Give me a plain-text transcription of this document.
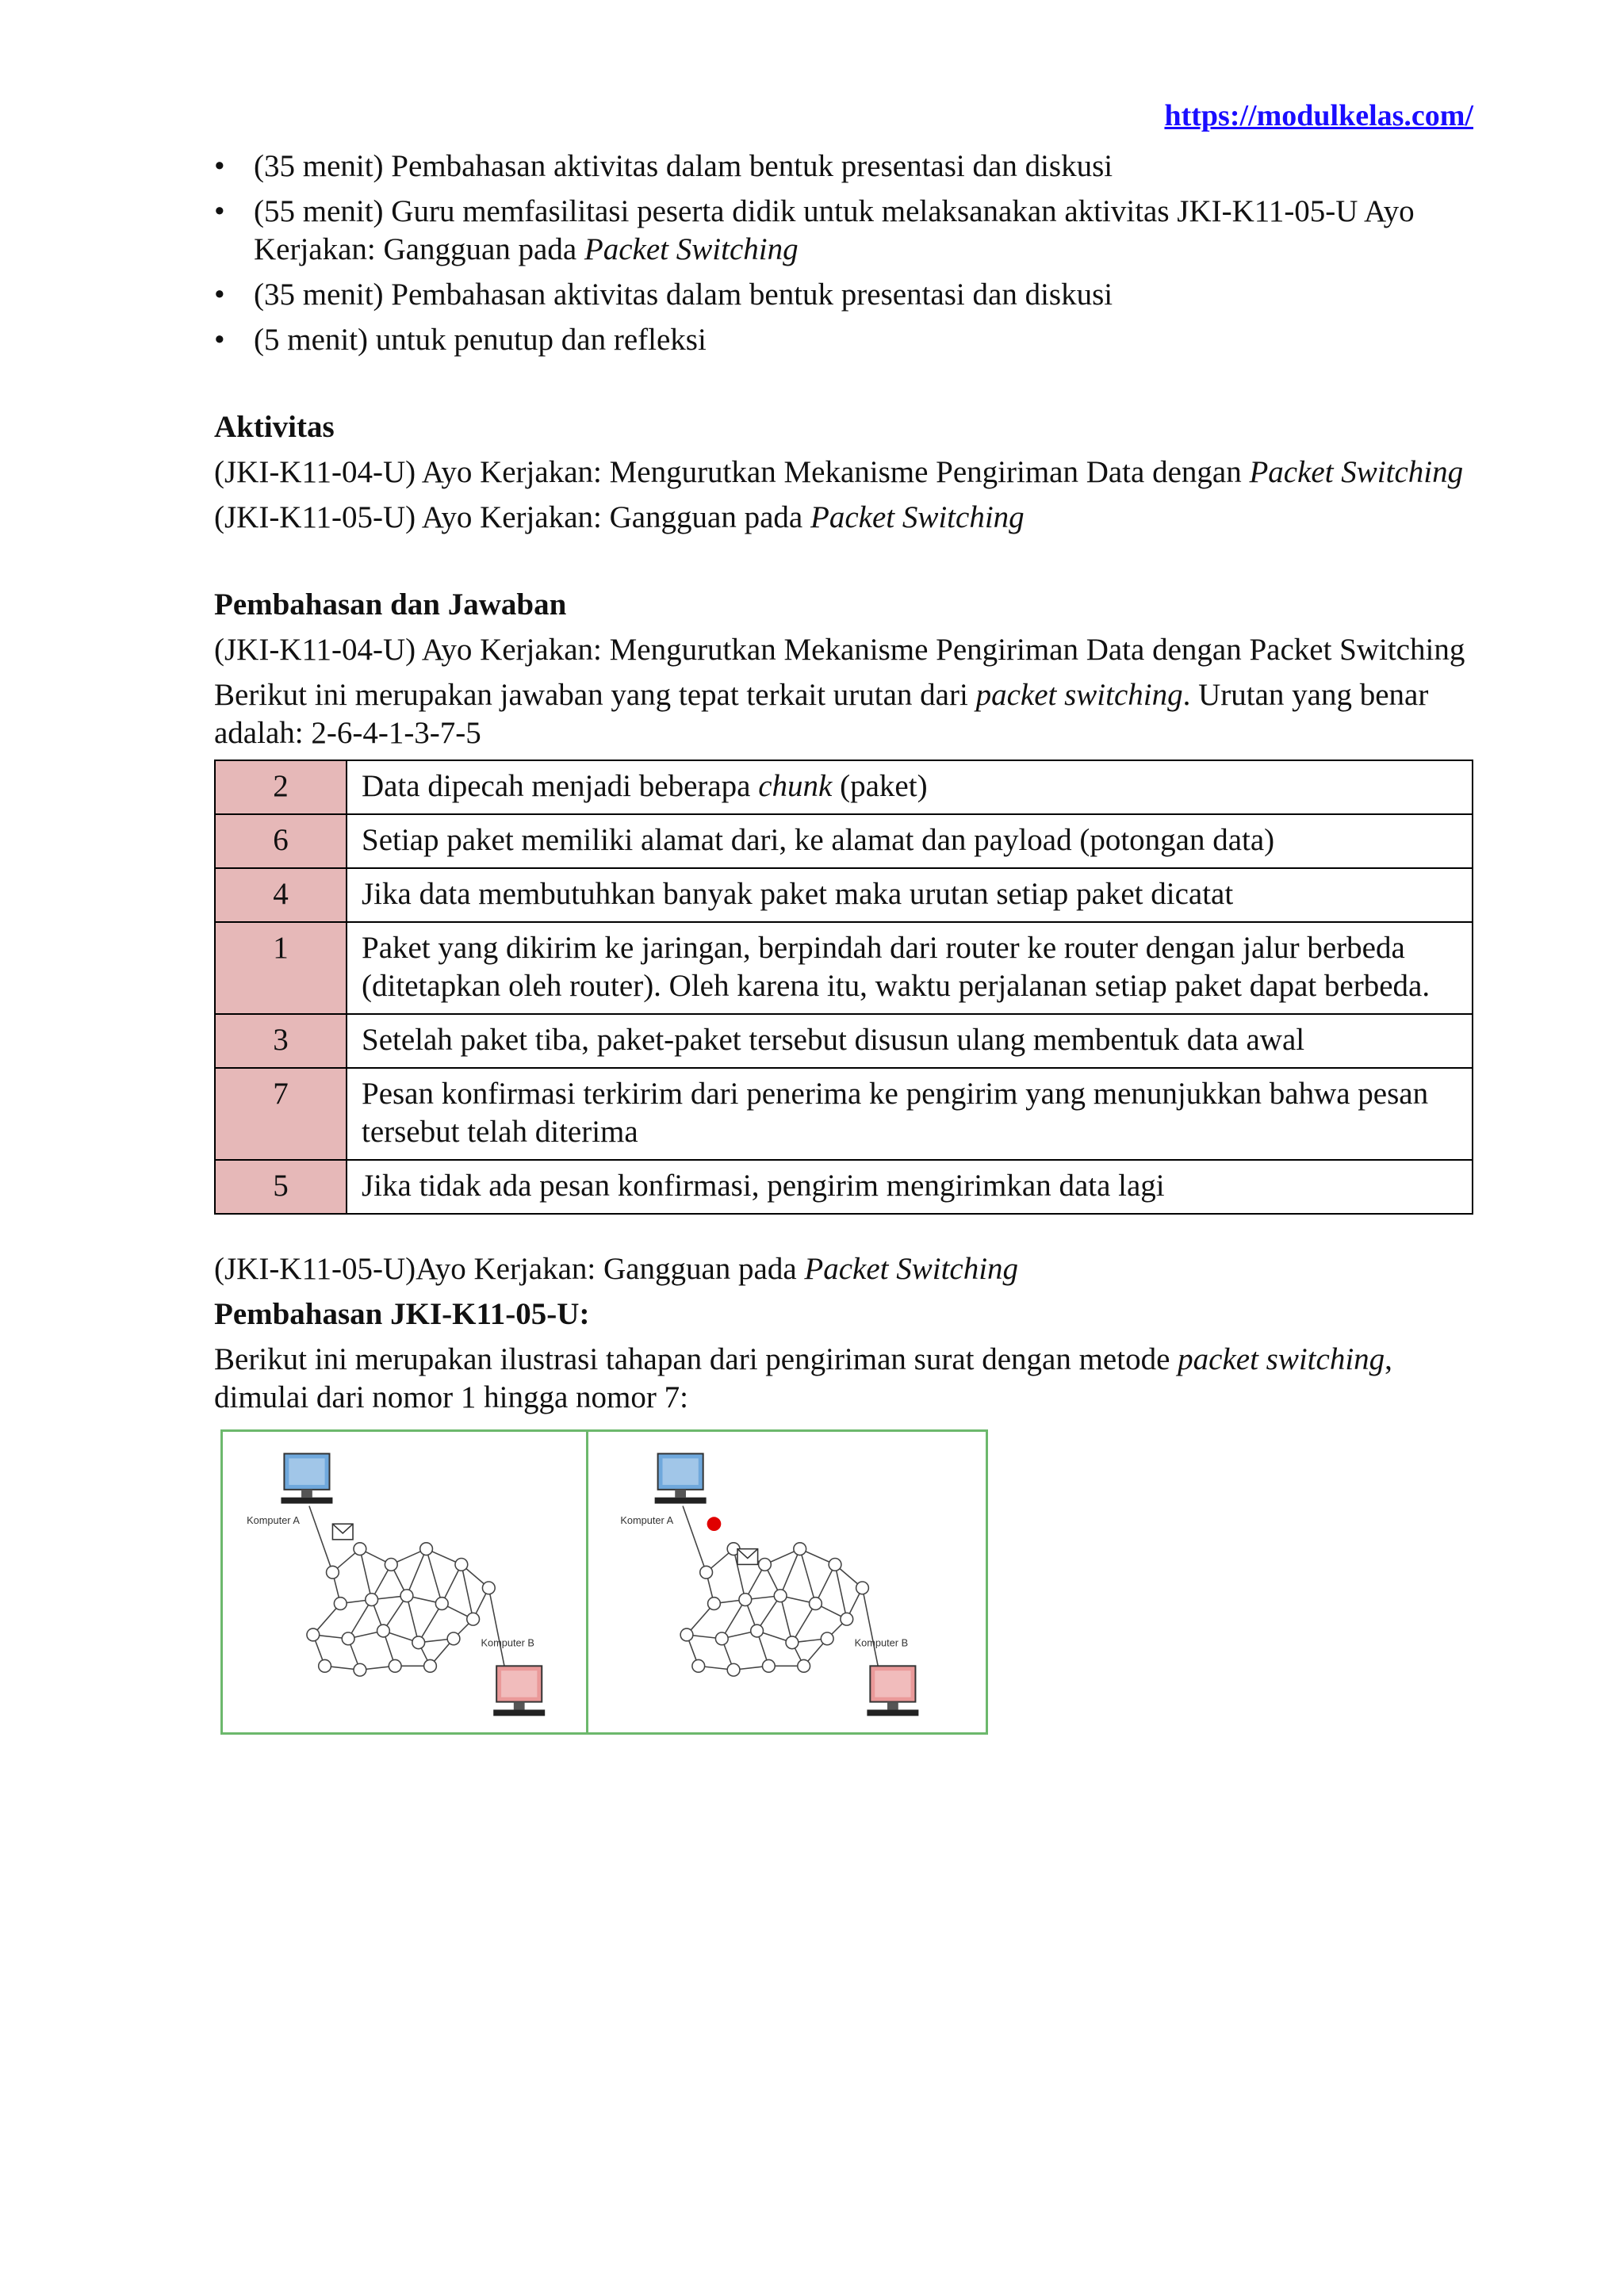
https://modulkelas.com/
• (35 menit) Pembahasan aktivitas dalam bentuk presentasi dan diskusi
• (55 menit) Guru memfasilitasi peserta didik untuk melaksanakan aktivitas JKI-K11-05-U Ayo Kerjakan: Gangguan pada Packet Switching
• (35 menit) Pembahasan aktivitas dalam bentuk presentasi dan diskusi
• (5 menit) untuk penutup dan refleksi

Aktivitas

(JKI-K11-04-U) Ayo Kerjakan: Mengurutkan Mekanisme Pengiriman Data dengan Packet Switching

(JKI-K11-05-U) Ayo Kerjakan: Gangguan pada Packet Switching

Pembahasan dan Jawaban

(JKI-K11-04-U) Ayo Kerjakan: Mengurutkan Mekanisme Pengiriman Data dengan Packet Switching

Berikut ini merupakan jawaban yang tepat terkait urutan dari packet switching. Urutan yang benar adalah: 2-6-4-1-3-7-5

2	Data dipecah menjadi beberapa chunk (paket)
6	Setiap paket memiliki alamat dari, ke alamat dan payload (potongan data)
4	Jika data membutuhkan banyak paket maka urutan setiap paket dicatat
1	Paket yang dikirim ke jaringan, berpindah dari router ke router dengan jalur berbeda (ditetapkan oleh router). Oleh karena itu, waktu perjalanan setiap paket dapat berbeda.
3	Setelah paket tiba, paket-paket tersebut disusun ulang membentuk data awal
7	Pesan konfirmasi terkirim dari penerima ke pengirim yang menunjukkan bahwa pesan tersebut telah diterima
5	Jika tidak ada pesan konfirmasi, pengirim mengirimkan data lagi

(JKI-K11-05-U)Ayo Kerjakan: Gangguan pada Packet Switching

Pembahasan JKI-K11-05-U:

Berikut ini merupakan ilustrasi tahapan dari pengiriman surat dengan metode packet switching, dimulai dari nomor 1 hingga nomor 7:

Komputer A
Komputer B
Komputer A
Komputer B
